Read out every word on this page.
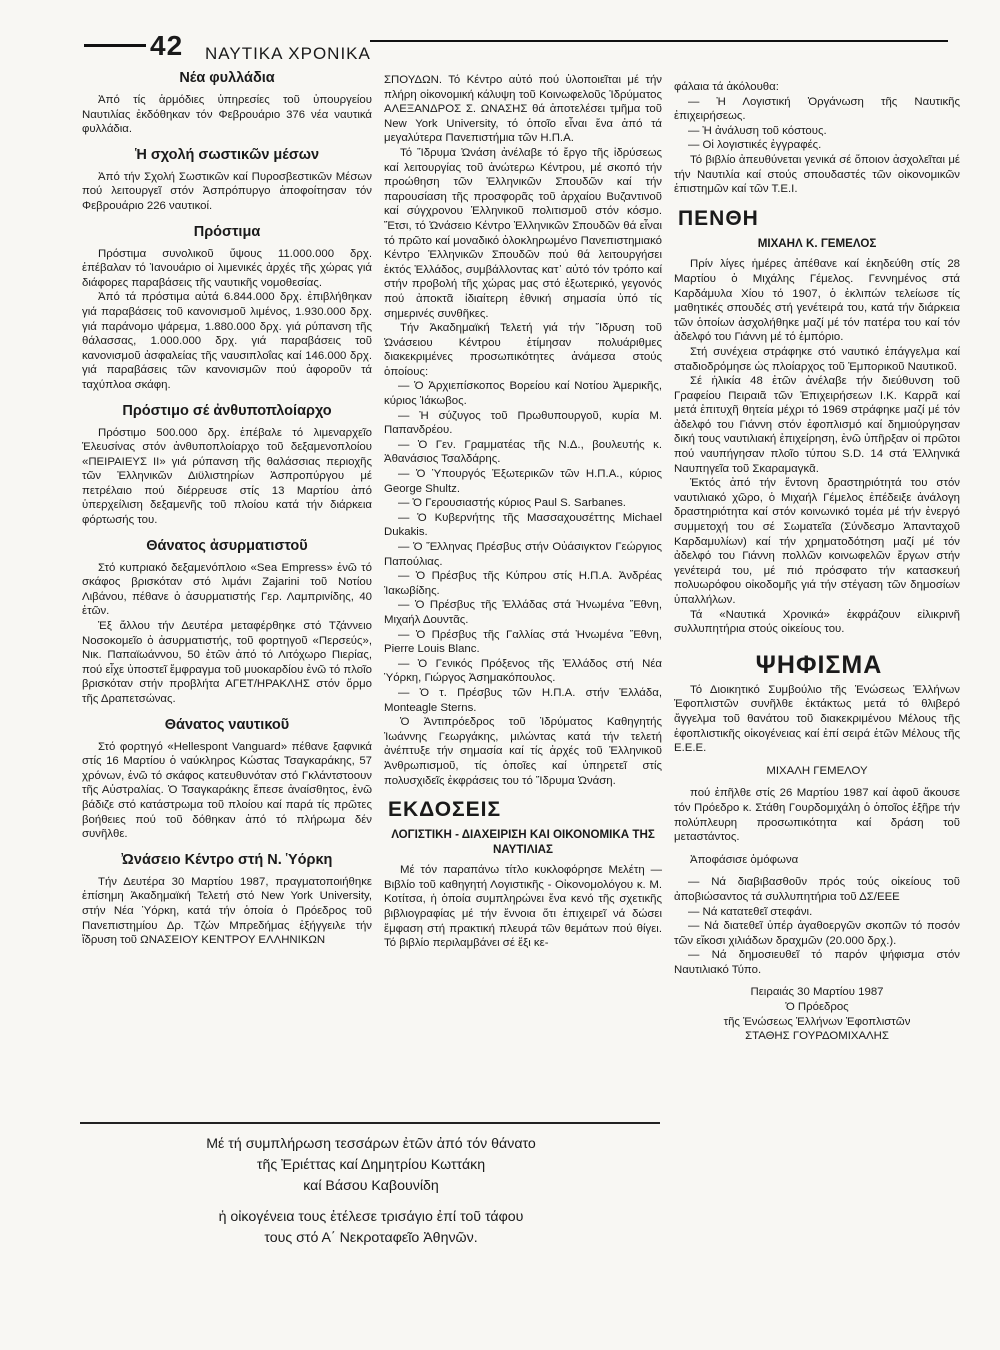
42 ΝΑΥΤΙΚΑ ΧΡΟΝΙΚΑ
Νέα φυλλάδια

Ἀπό τίς ἁρμόδιες ὑπηρεσίες τοῦ ὑπουργείου Ναυτιλίας ἐκδόθηκαν τόν Φεβρουάριο 376 νέα ναυτικά φυλλάδια.

Ἡ σχολή σωστικῶν μέσων

Ἀπό τήν Σχολή Σωστικῶν καί Πυροσβεστικῶν Μέσων πού λειτουργεῖ στόν Ἀσπρόπυργο ἀποφοίτησαν τόν Φεβρουάριο 226 ναυτικοί.

Πρόστιμα

Πρόστιμα συνολικοῦ ὕψους 11.000.000 δρχ. ἐπέβαλαν τό Ἰανουάριο οἱ λιμενικές ἀρχές τῆς χώρας γιά διάφορες παραβάσεις τῆς ναυτικῆς νομοθεσίας.

Ἀπό τά πρόστιμα αὐτά 6.844.000 δρχ. ἐπιβλήθηκαν γιά παραβάσεις τοῦ κανονισμοῦ λιμένος, 1.930.000 δρχ. γιά παράνομο ψάρεμα, 1.880.000 δρχ. γιά ρύπανση τῆς θάλασσας, 1.000.000 δρχ. γιά παραβάσεις τοῦ κανονισμοῦ ἀσφαλείας τῆς ναυσιπλοΐας καί 146.000 δρχ. γιά παραβάσεις τῶν κανονισμῶν πού ἀφοροῦν τά ταχύπλοα σκάφη.

Πρόστιμο σέ ἀνθυποπλοίαρχο

Πρόστιμο 500.000 δρχ. ἐπέβαλε τό λιμεναρχεῖο Ἐλευσίνας στόν ἀνθυποπλοίαρχο τοῦ δεξαμενοπλοίου «ΠΕΙΡΑΙΕΥΣ ΙΙ» γιά ρύπανση τῆς θαλάσσιας περιοχῆς τῶν Ἑλληνικῶν Διϋλιστηρίων Ἀσπροπύργου μέ πετρέλαιο πού διέρρευσε στίς 13 Μαρτίου ἀπό ὑπερχείλιση δεξαμενῆς τοῦ πλοίου κατά τήν διάρκεια φόρτωσής του.

Θάνατος ἀσυρματιστοῦ

Στό κυπριακό δεξαμενόπλοιο «Sea Empress» ἐνῶ τό σκάφος βρισκόταν στό λιμάνι Zajarini τοῦ Νοτίου Λιβάνου, πέθανε ὁ ἀσυρματιστής Γερ. Λαμπρινίδης, 40 ἐτῶν.

Ἐξ ἄλλου τήν Δευτέρα μεταφέρθηκε στό Τζάννειο Νοσοκομεῖο ὁ ἀσυρματιστής, τοῦ φορτηγοῦ «Περσεύς», Νικ. Παπαϊωάννου, 50 ἐτῶν ἀπό τό Λιτόχωρο Πιερίας, πού εἶχε ὑποστεῖ ἔμφραγμα τοῦ μυοκαρδίου ἐνῶ τό πλοῖο βρισκόταν στήν προβλήτα ΑΓΕΤ/ΗΡΑΚΛΗΣ στόν ὅρμο τῆς Δραπετσώνας.

Θάνατος ναυτικοῦ

Στό φορτηγό «Hellespont Vanguard» πέθανε ξαφνικά στίς 16 Μαρτίου ὁ ναύκληρος Κώστας Τσαγκαράκης, 57 χρόνων, ἐνῶ τό σκάφος κατευθυνόταν στό Γκλάντστοουν τῆς Αὐστραλίας. Ὁ Τσαγκαράκης ἔπεσε ἀναίσθητος, ἐνῶ βάδιζε στό κατάστρωμα τοῦ πλοίου καί παρά τίς πρῶτες βοήθειες πού τοῦ δόθηκαν ἀπό τό πλήρωμα δέν συνῆλθε.

Ὠνάσειο Κέντρο στή Ν. Ὑόρκη

Τήν Δευτέρα 30 Μαρτίου 1987, πραγματοποιήθηκε ἐπίσημη Ἀκαδημαϊκή Τελετή στό New York University, στήν Νέα Ὑόρκη, κατά τήν ὁποία ὁ Πρόεδρος τοῦ Πανεπιστημίου Δρ. Τζών Μπρεδήμας ἐξήγγειλε τήν ἵδρυση τοῦ ΩΝΑΣΕΙΟΥ ΚΕΝΤΡΟΥ ΕΛΛΗΝΙΚΩΝ

ΣΠΟΥΔΩΝ. Τό Κέντρο αὐτό πού ὑλοποιεῖται μέ τήν πλήρη οἰκονομική κάλυψη τοῦ Κοινωφελοῦς Ἱδρύματος ΑΛΕΞΑΝΔΡΟΣ Σ. ΩΝΑΣΗΣ θά ἀποτελέσει τμῆμα τοῦ New York University, τό ὁποῖο εἶναι ἕνα ἀπό τά μεγαλύτερα Πανεπιστήμια τῶν Η.Π.Α.

Τό Ἵδρυμα Ὠνάση ἀνέλαβε τό ἔργο τῆς ἱδρύσεως καί λειτουργίας τοῦ ἀνώτερω Κέντρου, μέ σκοπό τήν προώθηση τῶν Ἑλληνικῶν Σπουδῶν καί τήν παρουσίαση τῆς προσφορᾶς τοῦ ἀρχαίου Βυζαντινοῦ καί σύγχρονου Ἑλληνικοῦ πολιτισμοῦ στόν κόσμο. Ἔτσι, τό Ὠνάσειο Κέντρο Ἑλληνικῶν Σπουδῶν θά εἶναι τό πρῶτο καί μοναδικό ὁλοκληρωμένο Πανεπιστημιακό Κέντρο Ἑλληνικῶν Σπουδῶν πού θά λειτουργήσει ἐκτός Ἑλλάδος, συμβάλλοντας κατ᾽ αὐτό τόν τρόπο καί στήν προβολή τῆς χώρας μας στό ἐξωτερικό, γεγονός πού ἀποκτᾶ ἰδιαίτερη ἐθνική σημασία ὑπό τίς σημερινές συνθῆκες.

Τήν Ἀκαδημαϊκή Τελετή γιά τήν Ἵδρυση τοῦ Ὠνάσειου Κέντρου ἐτίμησαν πολυάριθμες διακεκριμένες προσωπικότητες ἀνάμεσα στούς ὁποίους:

— Ὁ Ἀρχιεπίσκοπος Βορείου καί Νοτίου Ἀμερικῆς, κύριος Ἰάκωβος.

— Ἡ σύζυγος τοῦ Πρωθυπουργοῦ, κυρία Μ. Παπανδρέου.

— Ὁ Γεν. Γραμματέας τῆς Ν.Δ., βουλευτής κ. Ἀθανάσιος Τσαλδάρης.

— Ὁ Ὑπουργός Ἐξωτερικῶν τῶν Η.Π.Α., κύριος George Shultz.

— Ὁ Γερουσιαστής κύριος Paul S. Sarbanes.

— Ὁ Κυβερνήτης τῆς Μασσαχουσέττης Michael Dukakis.

— Ὁ Ἕλληνας Πρέσβυς στήν Οὐάσιγκτον Γεώργιος Παπούλιας.

— Ὁ Πρέσβυς τῆς Κύπρου στίς Η.Π.Α. Ἀνδρέας Ἰακωβίδης.

— Ὁ Πρέσβυς τῆς Ἑλλάδας στά Ἡνωμένα Ἔθνη, Μιχαήλ Δουντᾶς.

— Ὁ Πρέσβυς τῆς Γαλλίας στά Ἡνωμένα Ἔθνη, Pierre Louis Blanc.

— Ὁ Γενικός Πρόξενος τῆς Ἑλλάδος στή Νέα Ὑόρκη, Γιώργος Ἀσημακόπουλος.

— Ὁ τ. Πρέσβυς τῶν Η.Π.Α. στήν Ἑλλάδα, Monteagle Sterns.

Ὁ Ἀντιπρόεδρος τοῦ Ἱδρύματος Καθηγητής Ἰωάννης Γεωργάκης, μιλώντας κατά τήν τελετή ἀνέπτυξε τήν σημασία καί τίς ἀρχές τοῦ Ἑλληνικοῦ Ἀνθρωπισμοῦ, τίς ὁποῖες καί ὑπηρετεῖ στίς πολυσχιδεῖς ἐκφράσεις του τό Ἵδρυμα Ὠνάση.

ΕΚΔΟΣΕΙΣ
ΛΟΓΙΣΤΙΚΗ - ΔΙΑΧΕΙΡΙΣΗ ΚΑΙ ΟΙΚΟΝΟΜΙΚΑ ΤΗΣ ΝΑΥΤΙΛΙΑΣ

Μέ τόν παραπάνω τίτλο κυκλοφόρησε Μελέτη — Βιβλίο τοῦ καθηγητή Λογιστικῆς - Οἰκονομολόγου κ. Μ. Κοτίτσα, ἡ ὁποία συμπληρώνει ἕνα κενό τῆς σχετικῆς βιβλιογραφίας μέ τήν ἔννοια ὅτι ἐπιχειρεῖ νά δώσει ἔμφαση στή πρακτική πλευρά τῶν θεμάτων πού θίγει. Τό βιβλίο περιλαμβάνει σέ ἕξι κε-

φάλαια τά ἀκόλουθα:

— Ἡ Λογιστική Ὀργάνωση τῆς Ναυτικῆς ἐπιχειρήσεως.

— Ἡ ἀνάλυση τοῦ κόστους.

— Οἱ λογιστικές ἐγγραφές.

Τό βιβλίο ἀπευθύνεται γενικά σέ ὅποιον ἀσχολεῖται μέ τήν Ναυτιλία καί στούς σπουδαστές τῶν οἰκονομικῶν ἐπιστημῶν καί τῶν Τ.Ε.Ι.

ΠΕΝΘΗ
ΜΙΧΑΗΛ Κ. ΓΕΜΕΛΟΣ

Πρίν λίγες ἡμέρες ἀπέθανε καί ἐκηδεύθη στίς 28 Μαρτίου ὁ Μιχάλης Γέμελος. Γεννημένος στά Καρδάμυλα Χίου τό 1907, ὁ ἐκλιπών τελείωσε τίς μαθητικές σπουδές στή γενέτειρά του, κατά τήν διάρκεια τῶν ὁποίων ἀσχολήθηκε μαζί μέ τόν πατέρα του καί τόν ἀδελφό του Γιάννη μέ τό ἐμπόριο.

Στή συνέχεια στράφηκε στό ναυτικό ἐπάγγελμα καί σταδιοδρόμησε ὡς πλοίαρχος τοῦ Ἐμπορικοῦ Ναυτικοῦ.

Σέ ἡλικία 48 ἐτῶν ἀνέλαβε τήν διεύθυνση τοῦ Γραφείου Πειραιᾶ τῶν Ἐπιχειρήσεων Ι.Κ. Καρρᾶ καί μετά ἐπιτυχῆ θητεία μέχρι τό 1969 στράφηκε μαζί μέ τόν ἀδελφό του Γιάννη στόν ἐφοπλισμό καί δημιούργησαν δική τους ναυτιλιακή ἐπιχείρηση, ἐνῶ ὑπῆρξαν οἱ πρῶτοι πού ναυπήγησαν πλοῖο τύπου S.D. 14 στά Ἑλληνικά Ναυπηγεῖα τοῦ Σκαραμαγκᾶ.

Ἐκτός ἀπό τήν ἔντονη δραστηριότητά του στόν ναυτιλιακό χῶρο, ὁ Μιχαήλ Γέμελος ἐπέδειξε ἀνάλογη δραστηριότητα καί στόν κοινωνικό τομέα μέ τήν ἐνεργό συμμετοχή του σέ Σωματεῖα (Σύνδεσμο Ἀπανταχοῦ Καρδαμυλίων) καί τήν χρηματοδότηση μαζί μέ τόν ἀδελφό του Γιάννη πολλῶν κοινωφελῶν ἔργων στήν γενέτειρά του, μέ πιό πρόσφατο τήν κατασκευή πολυωρόφου οἰκοδομῆς γιά τήν στέγαση τῶν δημοσίων ὑπαλλήλων.

Τά «Ναυτικά Χρονικά» ἐκφράζουν εἰλικρινῆ συλλυπητήρια στούς οἰκείους του.

ΨΗΦΙΣΜΑ

Τό Διοικητικό Συμβούλιο τῆς Ἑνώσεως Ἑλλήνων Ἐφοπλιστῶν συνῆλθε ἐκτάκτως μετά τό θλιβερό ἄγγελμα τοῦ θανάτου τοῦ διακεκριμένου Μέλους τῆς ἐφοπλιστικῆς οἰκογένειας καί ἐπί σειρά ἐτῶν Μέλους τῆς Ε.Ε.Ε.

ΜΙΧΑΛΗ ΓΕΜΕΛΟΥ

πού ἐπῆλθε στίς 26 Μαρτίου 1987 καί ἀφοῦ ἄκουσε τόν Πρόεδρο κ. Στάθη Γουρδομιχάλη ὁ ὁποῖος ἐξῆρε τήν πολύπλευρη προσωπικότητα καί δράση τοῦ μεταστάντος.

Ἀποφάσισε ὁμόφωνα

— Νά διαβιβασθοῦν πρός τούς οἰκείους τοῦ ἀποβιώσαντος τά συλλυπητήρια τοῦ ΔΣ/ΕΕΕ

— Νά κατατεθεῖ στεφάνι.

— Νά διατεθεῖ ὑπέρ ἀγαθοεργῶν σκοπῶν τό ποσόν τῶν εἴκοσι χιλιάδων δραχμῶν (20.000 δρχ.).

— Νά δημοσιευθεῖ τό παρόν ψήφισμα στόν Ναυτιλιακό Τύπο.

Πειραιάς 30 Μαρτίου 1987

Ὁ Πρόεδρος

τῆς Ἑνώσεως Ἑλλήνων Ἐφοπλιστῶν

ΣΤΑΘΗΣ ΓΟΥΡΔΟΜΙΧΑΛΗΣ

Μέ τή συμπλήρωση τεσσάρων ἐτῶν ἀπό τόν θάνατο

τῆς Ἐριέττας καί Δημητρίου Κωττάκη

καί Βάσου Καβουνίδη

ἡ οἰκογένεια τους ἐτέλεσε τρισάγιο ἐπί τοῦ τάφου

τους στό Α΄ Νεκροταφεῖο Ἀθηνῶν.
